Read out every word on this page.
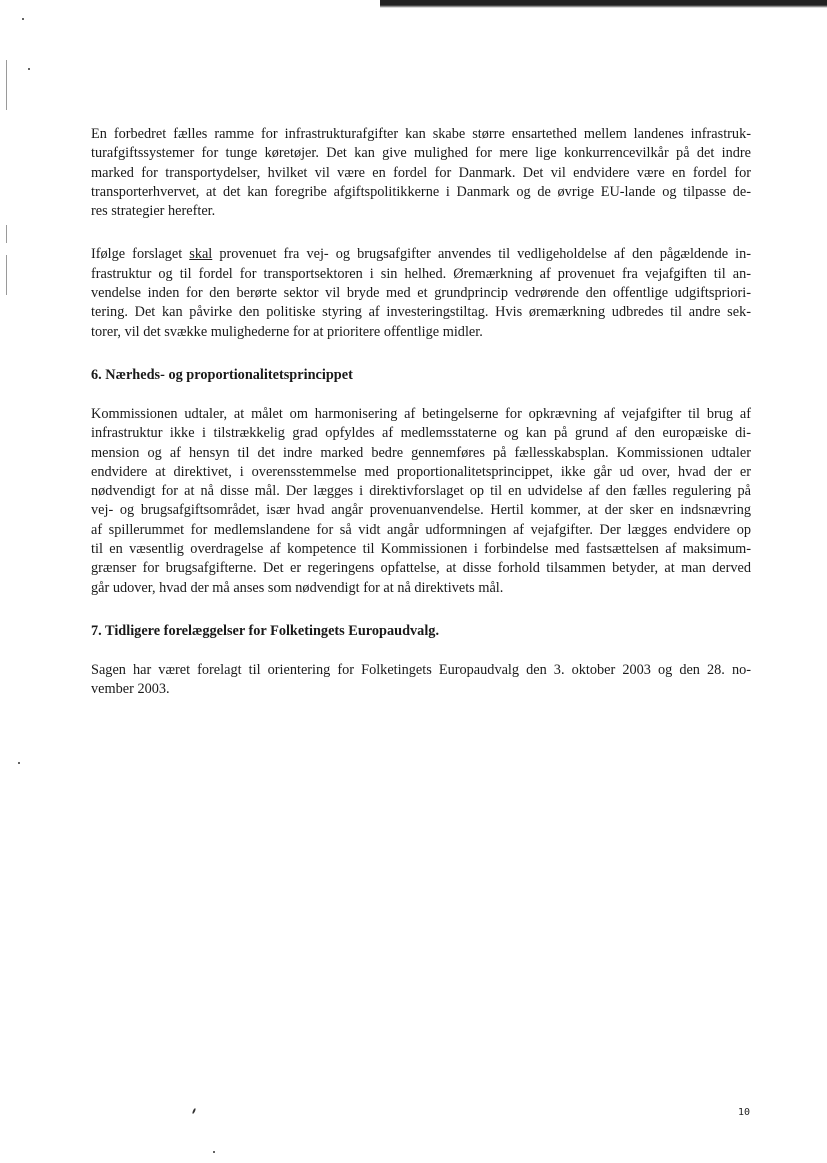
En forbedret fælles ramme for infrastrukturafgifter kan skabe større ensartethed mellem landenes infrastruk-
turafgiftssystemer for tunge køretøjer. Det kan give mulighed for mere lige konkurrencevilkår på det indre
marked for transportydelser, hvilket vil være en fordel for Danmark. Det vil endvidere være en fordel for
transporterhvervet, at det kan foregribe afgiftspolitikkerne i Danmark og de øvrige EU-lande og tilpasse de-
res strategier herefter.

Ifølge forslaget skal provenuet fra vej- og brugsafgifter anvendes til vedligeholdelse af den pågældende in-
frastruktur og til fordel for transportsektoren i sin helhed. Øremærkning af provenuet fra vejafgiften til an-
vendelse inden for den berørte sektor vil bryde med et grundprincip vedrørende den offentlige udgiftspriori-
tering. Det kan påvirke den politiske styring af investeringstiltag. Hvis øremærkning udbredes til andre sek-
torer, vil det svække mulighederne for at prioritere offentlige midler.

6. Nærheds- og proportionalitetsprincippet

Kommissionen udtaler, at målet om harmonisering af betingelserne for opkrævning af vejafgifter til brug af
infrastruktur ikke i tilstrækkelig grad opfyldes af medlemsstaterne og kan på grund af den europæiske di-
mension og af hensyn til det indre marked bedre gennemføres på fællesskabsplan. Kommissionen udtaler
endvidere at direktivet, i overensstemmelse med proportionalitetsprincippet, ikke går ud over, hvad der er
nødvendigt for at nå disse mål. Der lægges i direktivforslaget op til en udvidelse af den fælles regulering på
vej- og brugsafgiftsområdet, især hvad angår provenuanvendelse. Hertil kommer, at der sker en indsnævring
af spillerummet for medlemslandene for så vidt angår udformningen af vejafgifter. Der lægges endvidere op
til en væsentlig overdragelse af kompetence til Kommissionen i forbindelse med fastsættelsen af maksimum-
grænser for brugsafgifterne. Det er regeringens opfattelse, at disse forhold tilsammen betyder, at man derved
går udover, hvad der må anses som nødvendigt for at nå direktivets mål.

7. Tidligere forelæggelser for Folketingets Europaudvalg.

Sagen har været forelagt til orientering for Folketingets Europaudvalg den 3. oktober 2003 og den 28. no-
vember 2003.

10
